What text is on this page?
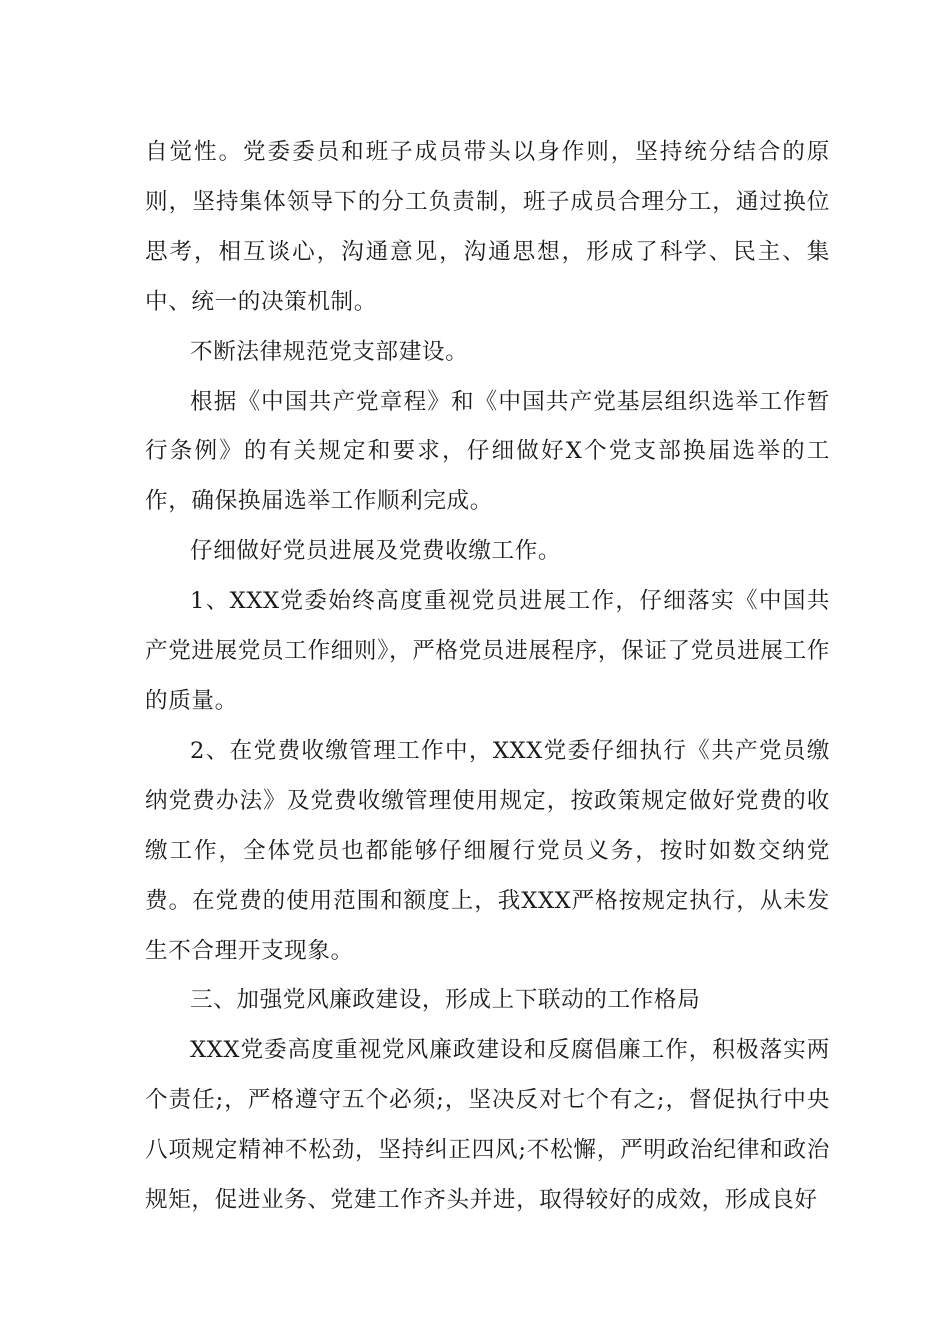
自觉性。党委委员和班子成员带头以身作则，坚持统分结合的原则，坚持集体领导下的分工负责制，班子成员合理分工，通过换位思考，相互谈心，沟通意见，沟通思想，形成了科学、民主、集中、统一的决策机制。

不断法律规范党支部建设。

根据《中国共产党章程》和《中国共产党基层组织选举工作暂行条例》的有关规定和要求，仔细做好X个党支部换届选举的工作，确保换届选举工作顺利完成。

仔细做好党员进展及党费收缴工作。

1、XXX党委始终高度重视党员进展工作，仔细落实《中国共产党进展党员工作细则》，严格党员进展程序，保证了党员进展工作的质量。

2、在党费收缴管理工作中，XXX党委仔细执行《共产党员缴纳党费办法》及党费收缴管理使用规定，按政策规定做好党费的收缴工作，全体党员也都能够仔细履行党员义务，按时如数交纳党费。在党费的使用范围和额度上，我XXX严格按规定执行，从未发生不合理开支现象。

三、加强党风廉政建设，形成上下联动的工作格局

XXX党委高度重视党风廉政建设和反腐倡廉工作，积极落实两个责任;，严格遵守五个必须;，坚决反对七个有之;，督促执行中央八项规定精神不松劲，坚持纠正四风;不松懈，严明政治纪律和政治规矩，促进业务、党建工作齐头并进，取得较好的成效，形成良好
